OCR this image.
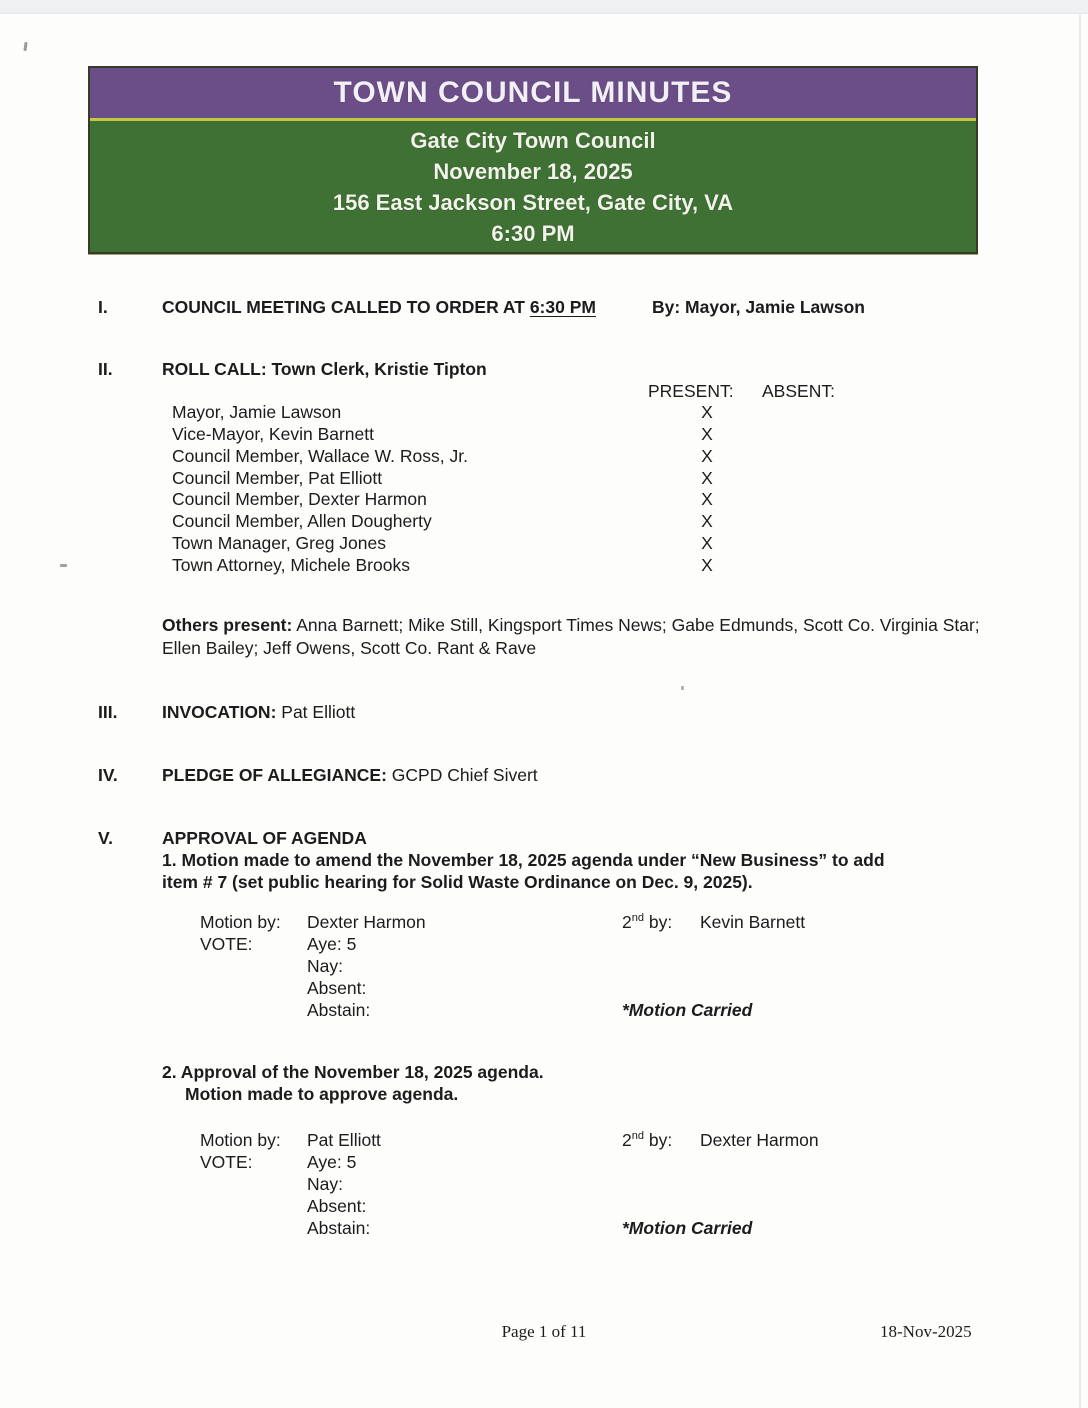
TOWN COUNCIL MINUTES
Gate City Town Council
November 18, 2025
156 East Jackson Street, Gate City, VA
6:30 PM
I.	COUNCIL MEETING CALLED TO ORDER AT 6:30 PM	By: Mayor, Jamie Lawson
II.	ROLL CALL: Town Clerk, Kristie Tipton
PRESENT: ABSENT:
Mayor, Jamie Lawson	X
Vice-Mayor, Kevin Barnett	X
Council Member, Wallace W. Ross, Jr.	X
Council Member, Pat Elliott	X
Council Member, Dexter Harmon	X
Council Member, Allen Dougherty	X
Town Manager, Greg Jones	X
Town Attorney, Michele Brooks	X
Others present: Anna Barnett; Mike Still, Kingsport Times News; Gabe Edmunds, Scott Co. Virginia Star; Ellen Bailey; Jeff Owens, Scott Co. Rant & Rave
III.	INVOCATION: Pat Elliott
IV.	PLEDGE OF ALLEGIANCE: GCPD Chief Sivert
V.	APPROVAL OF AGENDA
1. Motion made to amend the November 18, 2025 agenda under “New Business” to add
item # 7 (set public hearing for Solid Waste Ordinance on Dec. 9, 2025).
Motion by: Dexter Harmon	2nd by: Kevin Barnett
VOTE:	Aye: 5
Nay:
Absent:
Abstain:	*Motion Carried
2. Approval of the November 18, 2025 agenda.
Motion made to approve agenda.
Motion by: Pat Elliott	2nd by: Dexter Harmon
VOTE:	Aye: 5
Nay:
Absent:
Abstain:	*Motion Carried
Page 1 of 11	18-Nov-2025
